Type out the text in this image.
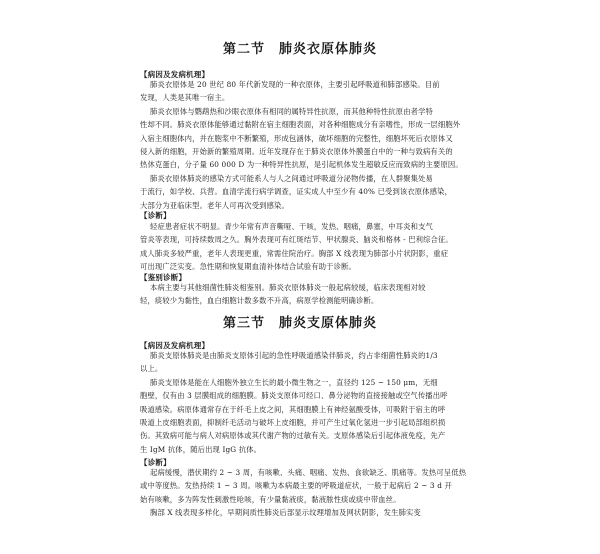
第二节　肺炎衣原体肺炎
【病因及发病机理】
肺炎衣原体是 20 世纪 80 年代新发现的一种衣原体，主要引起呼吸道和肺部感染。目前
发现，人类是其唯一宿主。
肺炎衣原体与鹦鹉热和沙眼衣原体有相同的属特异性抗原，而其他种特性抗原由者学特
性却不同。肺炎衣原体能够通过黏附在宿主细胞表面，对各种细胞成分有亲嗜性，形成一层细胞外
入宿主细胞体内，并在胞浆中不断繁殖，形成包涵体，破坏细胞的完整性，细胞坏死后衣原体又
侵入新的细胞，开始新的繁殖周期。近年发现存在于肺炎衣原体外膜蛋白中的一种与致病有关的
热休克蛋白，分子量 60 000 D 为一种特异性抗原，是引起机体发生超敏反应而致病的主要原因。
肺炎衣原体肺炎的感染方式可能系人与人之间通过呼吸道分泌物传播，在人群聚集处易
于流行，如学校、兵营。血清学流行病学调查，证实成人中至少有 40% 已受到该衣原体感染，
大部分为亚临床型。老年人可再次受到感染。
【诊断】
轻症患者症状不明显。青少年常有声音嘶哑、干咳，发热、咽痛，鼻塞，中耳炎和支气
管炎等表现，可持续数周之久。胸外表现可有红斑结节、甲状腺炎、脑炎和格林 - 巴利综合征。
成人肺炎多较严重，老年人表现更重，常需住院治疗。胸部 X 线表现为肺部小片状阴影，重症
可出现广泛实变。急性期和恢复期血清补体结合试验有助于诊断。
【鉴别诊断】
本病主要与其他细菌性肺炎相鉴别。肺炎衣原体肺炎一般起病较缓，临床表现相对较
轻，痰较少为黏性，血白细胞计数多数不升高，病原学检测能明确诊断。
第三节　肺炎支原体肺炎
【病因及发病机理】
肺炎支原体肺炎是由肺炎支原体引起的急性呼吸道感染伴肺炎，约占非细菌性肺炎的1/3
以上。
肺炎支原体是能在人细胞外独立生长的最小微生物之一，直径约 125 ~ 150 μm，无细
胞壁，仅有由 3 层膜组成的细胞膜。肺炎支原体可经口、鼻分泌物的直接接触或空气传播出呼
吸道感染。病原体通常存在于纤毛上皮之间，其细胞膜上有神经氨酸受体，可吸附于宿主的呼
吸道上皮细胞表面，抑制纤毛活动与破坏上皮细胞，并可产生过氧化氢进一步引起局部组织损
伤。其致病可能与病人对病原体或其代谢产物的过敏有关。支原体感染后引起体液免疫，先产
生 IgM 抗体，随后出现 IgG 抗体。
【诊断】
起病缓慢，潜伏期约 2 ~ 3 周，有咳嗽、头痛、咽痛、发热、食欲缺乏、肌痛等。发热可呈低热
或中等度热。发热持续 1 ~ 3 周。咳嗽为本病最主要的呼吸道症状，一般于起病后 2 ~ 3 d 开
始有咳嗽，多为阵发性刺激性呛咳，有少量黏液痰，黏液脓性痰或痰中带血丝。
胸部 X 线表现多样化，早期间质性肺炎后部显示纹理增加及网状阴影，发生肺实变
